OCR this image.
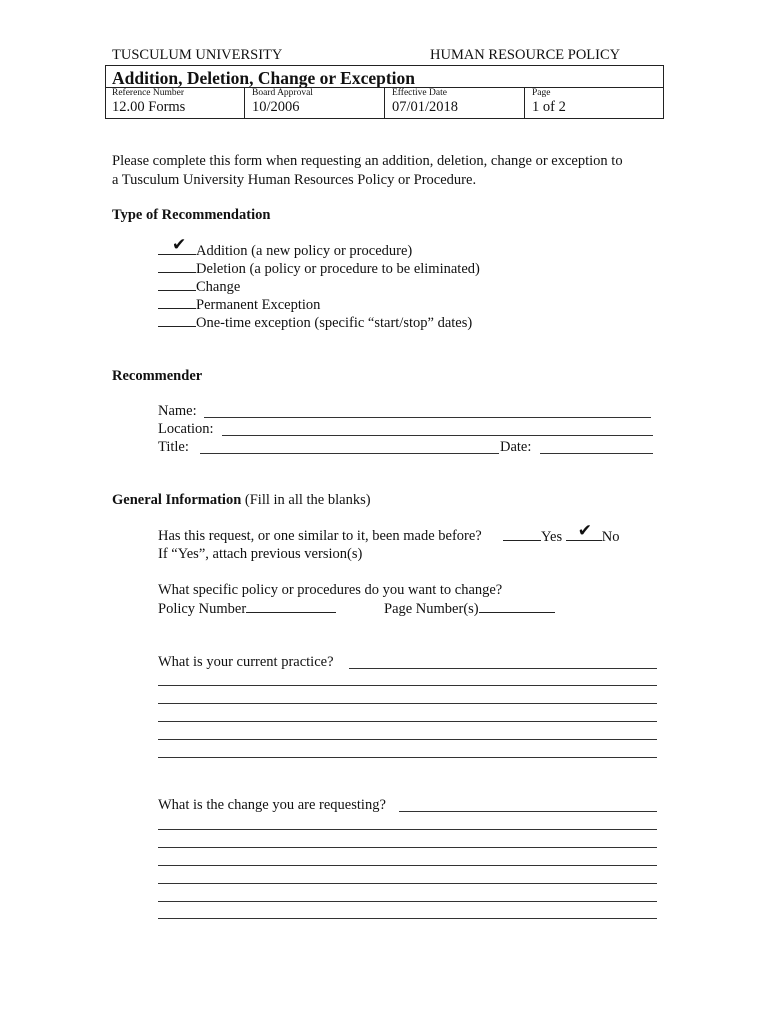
TUSCULUM UNIVERSITY	HUMAN RESOURCE POLICY
Addition, Deletion, Change or Exception
Reference Number
12.00 Forms
Board Approval
10/2006
Effective Date
07/01/2018
Page
1 of 2
Please complete this form when requesting an addition, deletion, change or exception to
a Tusculum University Human Resources Policy or Procedure.
Type of Recommendation
✔ Addition (a new policy or procedure)
Deletion (a policy or procedure to be eliminated)
Change
Permanent Exception
One-time exception (specific “start/stop” dates)
Recommender
Name:
Location:
Title:	Date:
General Information (Fill in all the blanks)
Has this request, or one similar to it, been made before?	Yes ✔ No
If “Yes”, attach previous version(s)
What specific policy or procedures do you want to change?
Policy Number	Page Number(s)
What is your current practice?
What is the change you are requesting?
